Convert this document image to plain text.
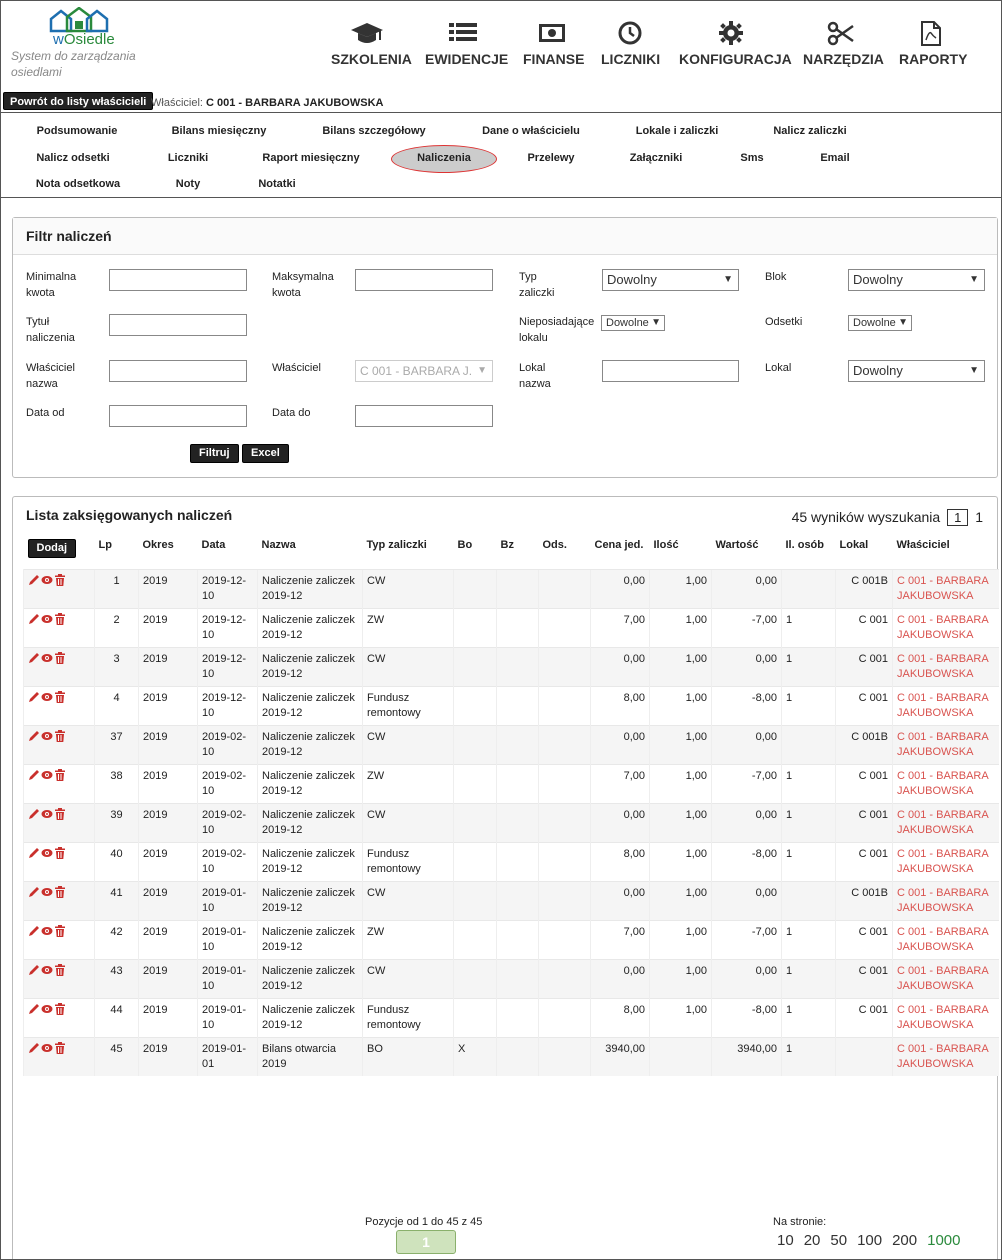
wOsiedle
System do zarządzania osiedlami
SZKOLENIA EWIDENCJE FINANSE LICZNIKI KONFIGURACJA NARZĘDZIA RAPORTY
Powrót do listy właścicieli Właściciel: C 001 - BARBARA JAKUBOWSKA
Podsumowanie	Bilans miesięczny	Bilans szczegółowy	Dane o właścicielu	Lokale i zaliczki	Nalicz zaliczki
Nalicz odsetki	Liczniki	Raport miesięczny	Naliczenia	Przelewy	Załączniki	Sms	Email
Nota odsetkowa	Noty	Notatki
Filtr naliczeń
Minimalna kwota
Maksymalna kwota
Typ zaliczki
Dowolny	▼	Blok	Dowolny	▼
Tytuł naliczenia
Nieposiadające lokalu
Dowolne ▼	Odsetki	Dowolne ▼
Właściciel nazwa
Właściciel	C 001 - BARBARA J. ▼	Lokal nazwa
Lokal	Dowolny	▼
Data od	Data do
Filtruj	Excel
Lista zaksięgowanych naliczeń	45 wyników wyszukania 1 1
Dodaj	Lp	Okres	Data	Nazwa	Typ zaliczki	Bo	Bz	Ods.	Cena jed.	Ilość	Wartość	Il. osób	Lokal	Właściciel
	1	2019	2019-12-10	Naliczenie zaliczek 2019-12	CW				0,00	1,00	0,00		C 001B	C 001 - BARBARA JAKUBOWSKA
	2	2019	2019-12-10	Naliczenie zaliczek 2019-12	ZW				7,00	1,00	-7,00	1	C 001	C 001 - BARBARA JAKUBOWSKA
	3	2019	2019-12-10	Naliczenie zaliczek 2019-12	CW				0,00	1,00	0,00	1	C 001	C 001 - BARBARA JAKUBOWSKA
	4	2019	2019-12-10	Naliczenie zaliczek 2019-12	Fundusz remontowy				8,00	1,00	-8,00	1	C 001	C 001 - BARBARA JAKUBOWSKA
	37	2019	2019-02-10	Naliczenie zaliczek 2019-12	CW				0,00	1,00	0,00		C 001B	C 001 - BARBARA JAKUBOWSKA
	38	2019	2019-02-10	Naliczenie zaliczek 2019-12	ZW				7,00	1,00	-7,00	1	C 001	C 001 - BARBARA JAKUBOWSKA
	39	2019	2019-02-10	Naliczenie zaliczek 2019-12	CW				0,00	1,00	0,00	1	C 001	C 001 - BARBARA JAKUBOWSKA
	40	2019	2019-02-10	Naliczenie zaliczek 2019-12	Fundusz remontowy				8,00	1,00	-8,00	1	C 001	C 001 - BARBARA JAKUBOWSKA
	41	2019	2019-01-10	Naliczenie zaliczek 2019-12	CW				0,00	1,00	0,00		C 001B	C 001 - BARBARA JAKUBOWSKA
	42	2019	2019-01-10	Naliczenie zaliczek 2019-12	ZW				7,00	1,00	-7,00	1	C 001	C 001 - BARBARA JAKUBOWSKA
	43	2019	2019-01-10	Naliczenie zaliczek 2019-12	CW				0,00	1,00	0,00	1	C 001	C 001 - BARBARA JAKUBOWSKA
	44	2019	2019-01-10	Naliczenie zaliczek 2019-12	Fundusz remontowy				8,00	1,00	-8,00	1	C 001	C 001 - BARBARA JAKUBOWSKA
	45	2019	2019-01-01	Bilans otwarcia 2019	BO	X			3940,00		3940,00	1		C 001 - BARBARA JAKUBOWSKA
Pozycje od 1 do 45 z 45
1
Na stronie:
10 20 50 100 200 1000
